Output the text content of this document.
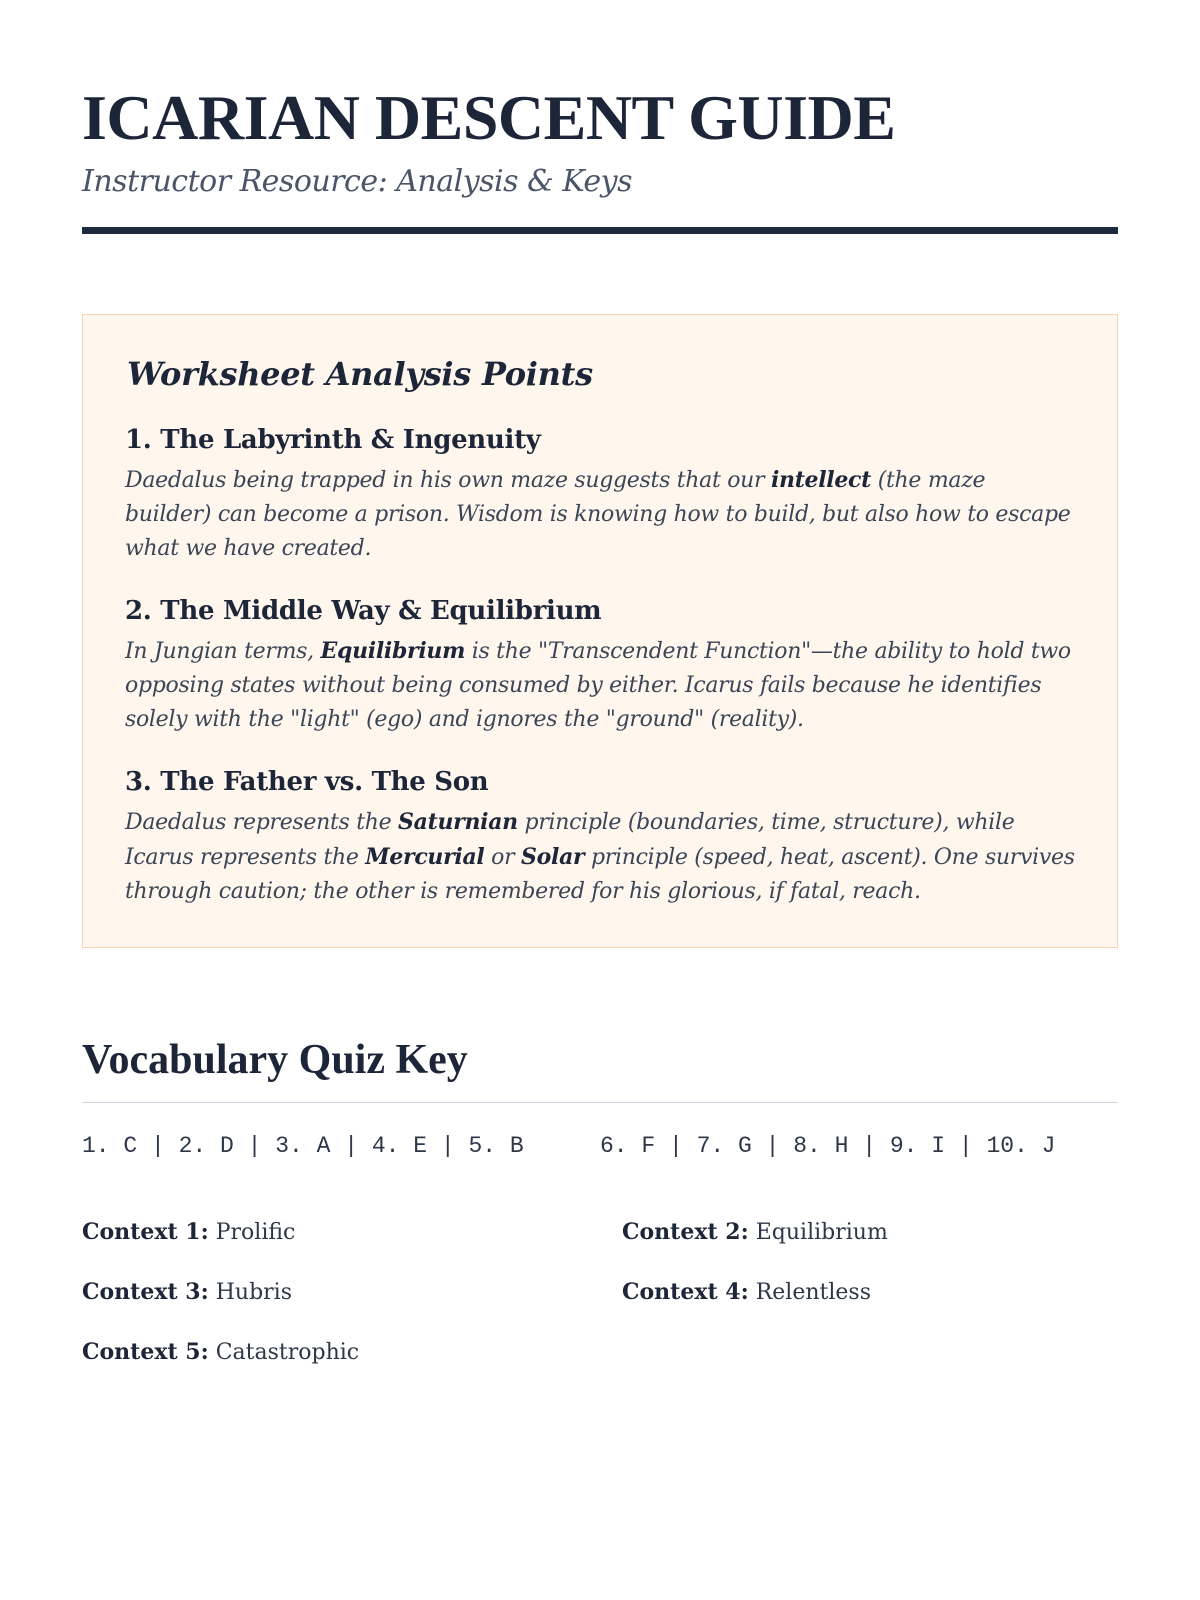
ICARIAN DESCENT GUIDE
Instructor Resource: Analysis & Keys
Worksheet Analysis Points
1. The Labyrinth & Ingenuity

Daedalus being trapped in his own maze suggests that our intellect (the maze builder) can become a prison. Wisdom is knowing how to build, but also how to escape what we have created.

2. The Middle Way & Equilibrium

In Jungian terms, Equilibrium is the "Transcendent Function"—the ability to hold two opposing states without being consumed by either. Icarus fails because he identifies solely with the "light" (ego) and ignores the "ground" (reality).

3. The Father vs. The Son

Daedalus represents the Saturnian principle (boundaries, time, structure), while Icarus represents the Mercurial or Solar principle (speed, heat, ascent). One survives through caution; the other is remembered for his glorious, if fatal, reach.

Vocabulary Quiz Key
1. C | 2. D | 3. A | 4. E | 5. B	6. F | 7. G | 8. H | 9. I | 10. J
Context 1: Prolific	Context 2: Equilibrium
Context 3: Hubris	Context 4: Relentless
Context 5: Catastrophic
